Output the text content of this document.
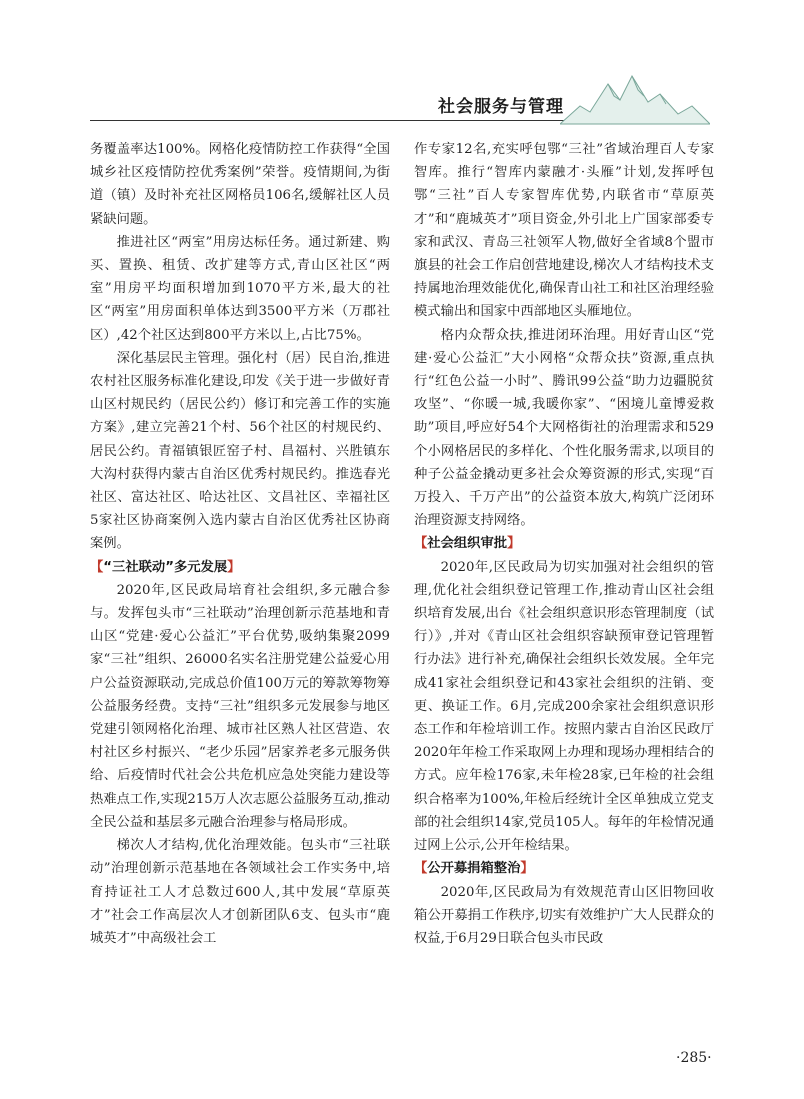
社会服务与管理

务覆盖率达100%。网格化疫情防控工作获得“全国城乡社区疫情防控优秀案例”荣誉。疫情期间,为街道（镇）及时补充社区网格员106名,缓解社区人员紧缺问题。

推进社区“两室”用房达标任务。通过新建、购买、置换、租赁、改扩建等方式,青山区社区“两室”用房平均面积增加到1070平方米,最大的社区“两室”用房面积单体达到3500平方米（万郡社区）,42个社区达到800平方米以上,占比75%。

深化基层民主管理。强化村（居）民自治,推进农村社区服务标准化建设,印发《关于进一步做好青山区村规民约（居民公约）修订和完善工作的实施方案》,建立完善21个村、56个社区的村规民约、居民公约。青福镇银匠窑子村、昌福村、兴胜镇东大沟村获得内蒙古自治区优秀村规民约。推选春光社区、富达社区、哈达社区、文昌社区、幸福社区5家社区协商案例入选内蒙古自治区优秀社区协商案例。

【“三社联动”多元发展】

2020年,区民政局培育社会组织,多元融合参与。发挥包头市“三社联动”治理创新示范基地和青山区“党建·爱心公益汇”平台优势,吸纳集聚2099家“三社”组织、26000名实名注册党建公益爱心用户公益资源联动,完成总价值100万元的筹款筹物筹公益服务经费。支持“三社”组织多元发展参与地区党建引领网格化治理、城市社区熟人社区营造、农村社区乡村振兴、“老少乐园”居家养老多元服务供给、后疫情时代社会公共危机应急处突能力建设等热难点工作,实现215万人次志愿公益服务互动,推动全民公益和基层多元融合治理参与格局形成。

梯次人才结构,优化治理效能。包头市“三社联动”治理创新示范基地在各领域社会工作实务中,培育持证社工人才总数过600人,其中发展“草原英才”社会工作高层次人才创新团队6支、包头市“鹿城英才”中高级社会工

作专家12名,充实呼包鄂“三社”省域治理百人专家智库。推行“智库内蒙融才·头雁”计划,发挥呼包鄂“三社”百人专家智库优势,内联省市“草原英才”和“鹿城英才”项目资金,外引北上广国家部委专家和武汉、青岛三社领军人物,做好全省域8个盟市旗县的社会工作启创营地建设,梯次人才结构技术支持属地治理效能优化,确保青山社工和社区治理经验模式输出和国家中西部地区头雁地位。

格内众帮众扶,推进闭环治理。用好青山区“党建·爱心公益汇”大小网格“众帮众扶”资源,重点执行“红色公益一小时”、腾讯99公益“助力边疆脱贫攻坚”、“你暖一城,我暖你家”、“困境儿童博爱救助”项目,呼应好54个大网格街社的治理需求和529个小网格居民的多样化、个性化服务需求,以项目的种子公益金撬动更多社会众筹资源的形式,实现“百万投入、千万产出”的公益资本放大,构筑广泛闭环治理资源支持网络。

【社会组织审批】

2020年,区民政局为切实加强对社会组织的管理,优化社会组织登记管理工作,推动青山区社会组织培育发展,出台《社会组织意识形态管理制度（试行）》,并对《青山区社会组织容缺预审登记管理暂行办法》进行补充,确保社会组织长效发展。全年完成41家社会组织登记和43家社会组织的注销、变更、换证工作。6月,完成200余家社会组织意识形态工作和年检培训工作。按照内蒙古自治区民政厅2020年年检工作采取网上办理和现场办理相结合的方式。应年检176家,未年检28家,已年检的社会组织合格率为100%,年检后经统计全区单独成立党支部的社会组织14家,党员105人。每年的年检情况通过网上公示,公开年检结果。

【公开募捐箱整治】

2020年,区民政局为有效规范青山区旧物回收箱公开募捐工作秩序,切实有效维护广大人民群众的权益,于6月29日联合包头市民政

·285·
